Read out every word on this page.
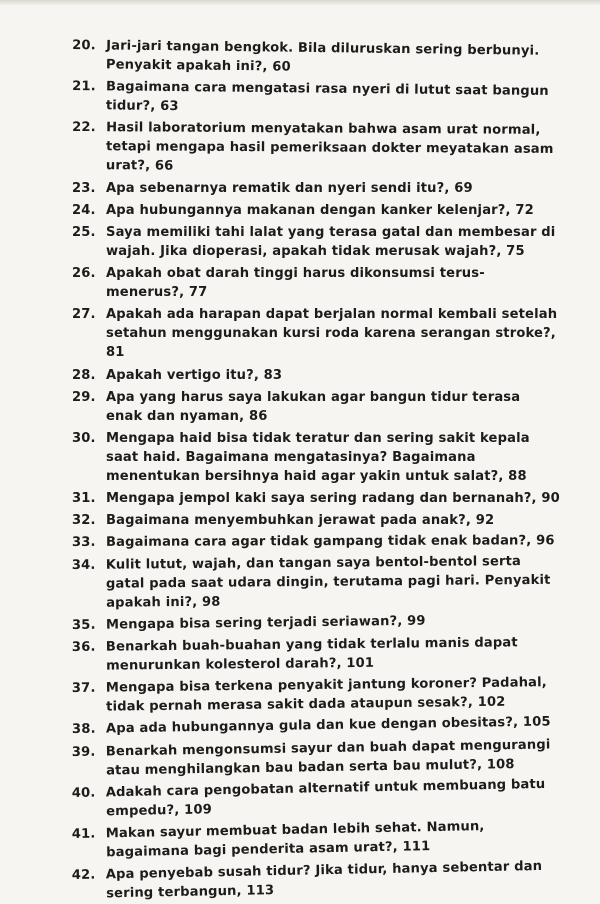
20. Jari-jari tangan bengkok. Bila diluruskan sering berbunyi. Penyakit apakah ini?, 60
21. Bagaimana cara mengatasi rasa nyeri di lutut saat bangun tidur?, 63
22. Hasil laboratorium menyatakan bahwa asam urat normal, tetapi mengapa hasil pemeriksaan dokter meyatakan asam urat?, 66
23. Apa sebenarnya rematik dan nyeri sendi itu?, 69
24. Apa hubungannya makanan dengan kanker kelenjar?, 72
25. Saya memiliki tahi lalat yang terasa gatal dan membesar di wajah. Jika dioperasi, apakah tidak merusak wajah?, 75
26. Apakah obat darah tinggi harus dikonsumsi terus-menerus?, 77
27. Apakah ada harapan dapat berjalan normal kembali setelah setahun menggunakan kursi roda karena serangan stroke?, 81
28. Apakah vertigo itu?, 83
29. Apa yang harus saya lakukan agar bangun tidur terasa enak dan nyaman, 86
30. Mengapa haid bisa tidak teratur dan sering sakit kepala saat haid. Bagaimana mengatasinya? Bagaimana menentukan bersihnya haid agar yakin untuk salat?, 88
31. Mengapa jempol kaki saya sering radang dan bernanah?, 90
32. Bagaimana menyembuhkan jerawat pada anak?, 92
33. Bagaimana cara agar tidak gampang tidak enak badan?, 96
34. Kulit lutut, wajah, dan tangan saya bentol-bentol serta gatal pada saat udara dingin, terutama pagi hari. Penyakit apakah ini?, 98
35. Mengapa bisa sering terjadi seriawan?, 99
36. Benarkah buah-buahan yang tidak terlalu manis dapat menurunkan kolesterol darah?, 101
37. Mengapa bisa terkena penyakit jantung koroner? Padahal, tidak pernah merasa sakit dada ataupun sesak?, 102
38. Apa ada hubungannya gula dan kue dengan obesitas?, 105
39. Benarkah mengonsumsi sayur dan buah dapat mengurangi atau menghilangkan bau badan serta bau mulut?, 108
40. Adakah cara pengobatan alternatif untuk membuang batu empedu?, 109
41. Makan sayur membuat badan lebih sehat. Namun, bagaimana bagi penderita asam urat?, 111
42. Apa penyebab susah tidur? Jika tidur, hanya sebentar dan sering terbangun, 113
